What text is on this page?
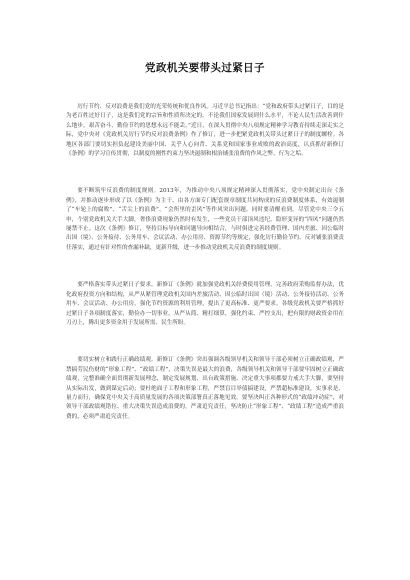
党政机关要带头过紧日子

厉行节约、反对浪费是我们党的光荣传统和优良作风。习近平总书记指出：“党和政府带头过紧日子，目的是为老百姓过好日子，这是我们党的宗旨和性质所决定的。不论我们国家发展到什么水平，不论人民生活改善到什么地步，艰苦奋斗、勤俭节约的思想永远不能丢。”近日，在深入贯彻中央八项规定精神学习教育持续走深走实之际，党中央对《党政机关厉行节约反对浪费条例》作了修订，进一步把紧党政机关带头过紧日子的制度螺栓。各地区各部门要切实担负起建设美丽中国、关乎人心向背、关系党和国家事业成败的政治高度，认真抓好新修订《条例》的学习宣传贯彻，以制度的刚性约束力坚决遏制和根治铺张浪费的作风之弊、行为之垢。

要不断筑牢反浪费的制度规则。2013年，为推动中央八项规定精神深入贯彻落实，党中央制定出台《条例》，并推动逐步形成了以《条例》为主干、由各方面专门配套规章制度共同构成的反浪费制度体系，有效遏制了“车轮上的腐败”、“舌尖上的浪费”、“会所里的歪风”等作风突出问题。同时要清醒看到，尽管党中央三令五申，个别党政机关大手大脚，奢侈浪费现象仍然时有发生，一些党员干部顶风违纪、隐形变异的“四风”问题仍然屡禁不止。这次《条例》修订，坚持目标导向和问题导向相结合，与时俱进完善经费管理、国内差旅、因公临时出国（境）、公务接待、公务用车、会议活动、办公用房、资源节约等规定，强化厉行勤俭节约、反对铺张浪费责任落实，通过有针对性的查漏补缺，更新升级，进一步推动党政机关反浪费的制度规则。

要严格落实带头过紧日子要求。新修订《条例》就加强党政机关经费使用管理，完善政府采购监督办法，优化政府投资方向和结构，从严从紧管理党政机关国内差旅活动、因公临时出国（境）活动、公务接待活动、公务用车、会议活动、办公用房，强化节约资源的利用管理，提出了更高标准、更严要求。各级党政机关要严格抓好过紧日子各项制度落实，勤俭办一切事业，从严从简、精打细算，强化约束、严控支出，把有限的财政资金用在刀刃上，腾出更多资金用于发展所需、民生所盼。

要切实树立和践行正确政绩观。新修订《条例》突出强调各级领导机关和领导干部必须树立正确政绩观，严禁搞劳民伤财的“形象工程”、“政绩工程”，决策失误是最大的浪费，各级领导机关和领导干部要牢固树立正确政绩观，完整准确全面贯彻新发展理念，制定发展规划、出台政策措施、决定重大事项都要力戒大手大脚，要坚持从实际出发，做到谋定后动；要杜绝面子工程和形象工程，严禁盲目举债搞建设，严禁超标准建设，实事求是、量力而行，确保党中央关于高质量发展的各项决策部署真正落地见效。要坚决纠正各种形式的“政绩冲动症”，对领导干部政绩观错位、重大决策失误造成浪费的，严肃追究责任，坚决防止“形象工程”、“政绩工程”造成严重浪费的，必须严肃追究责任。
